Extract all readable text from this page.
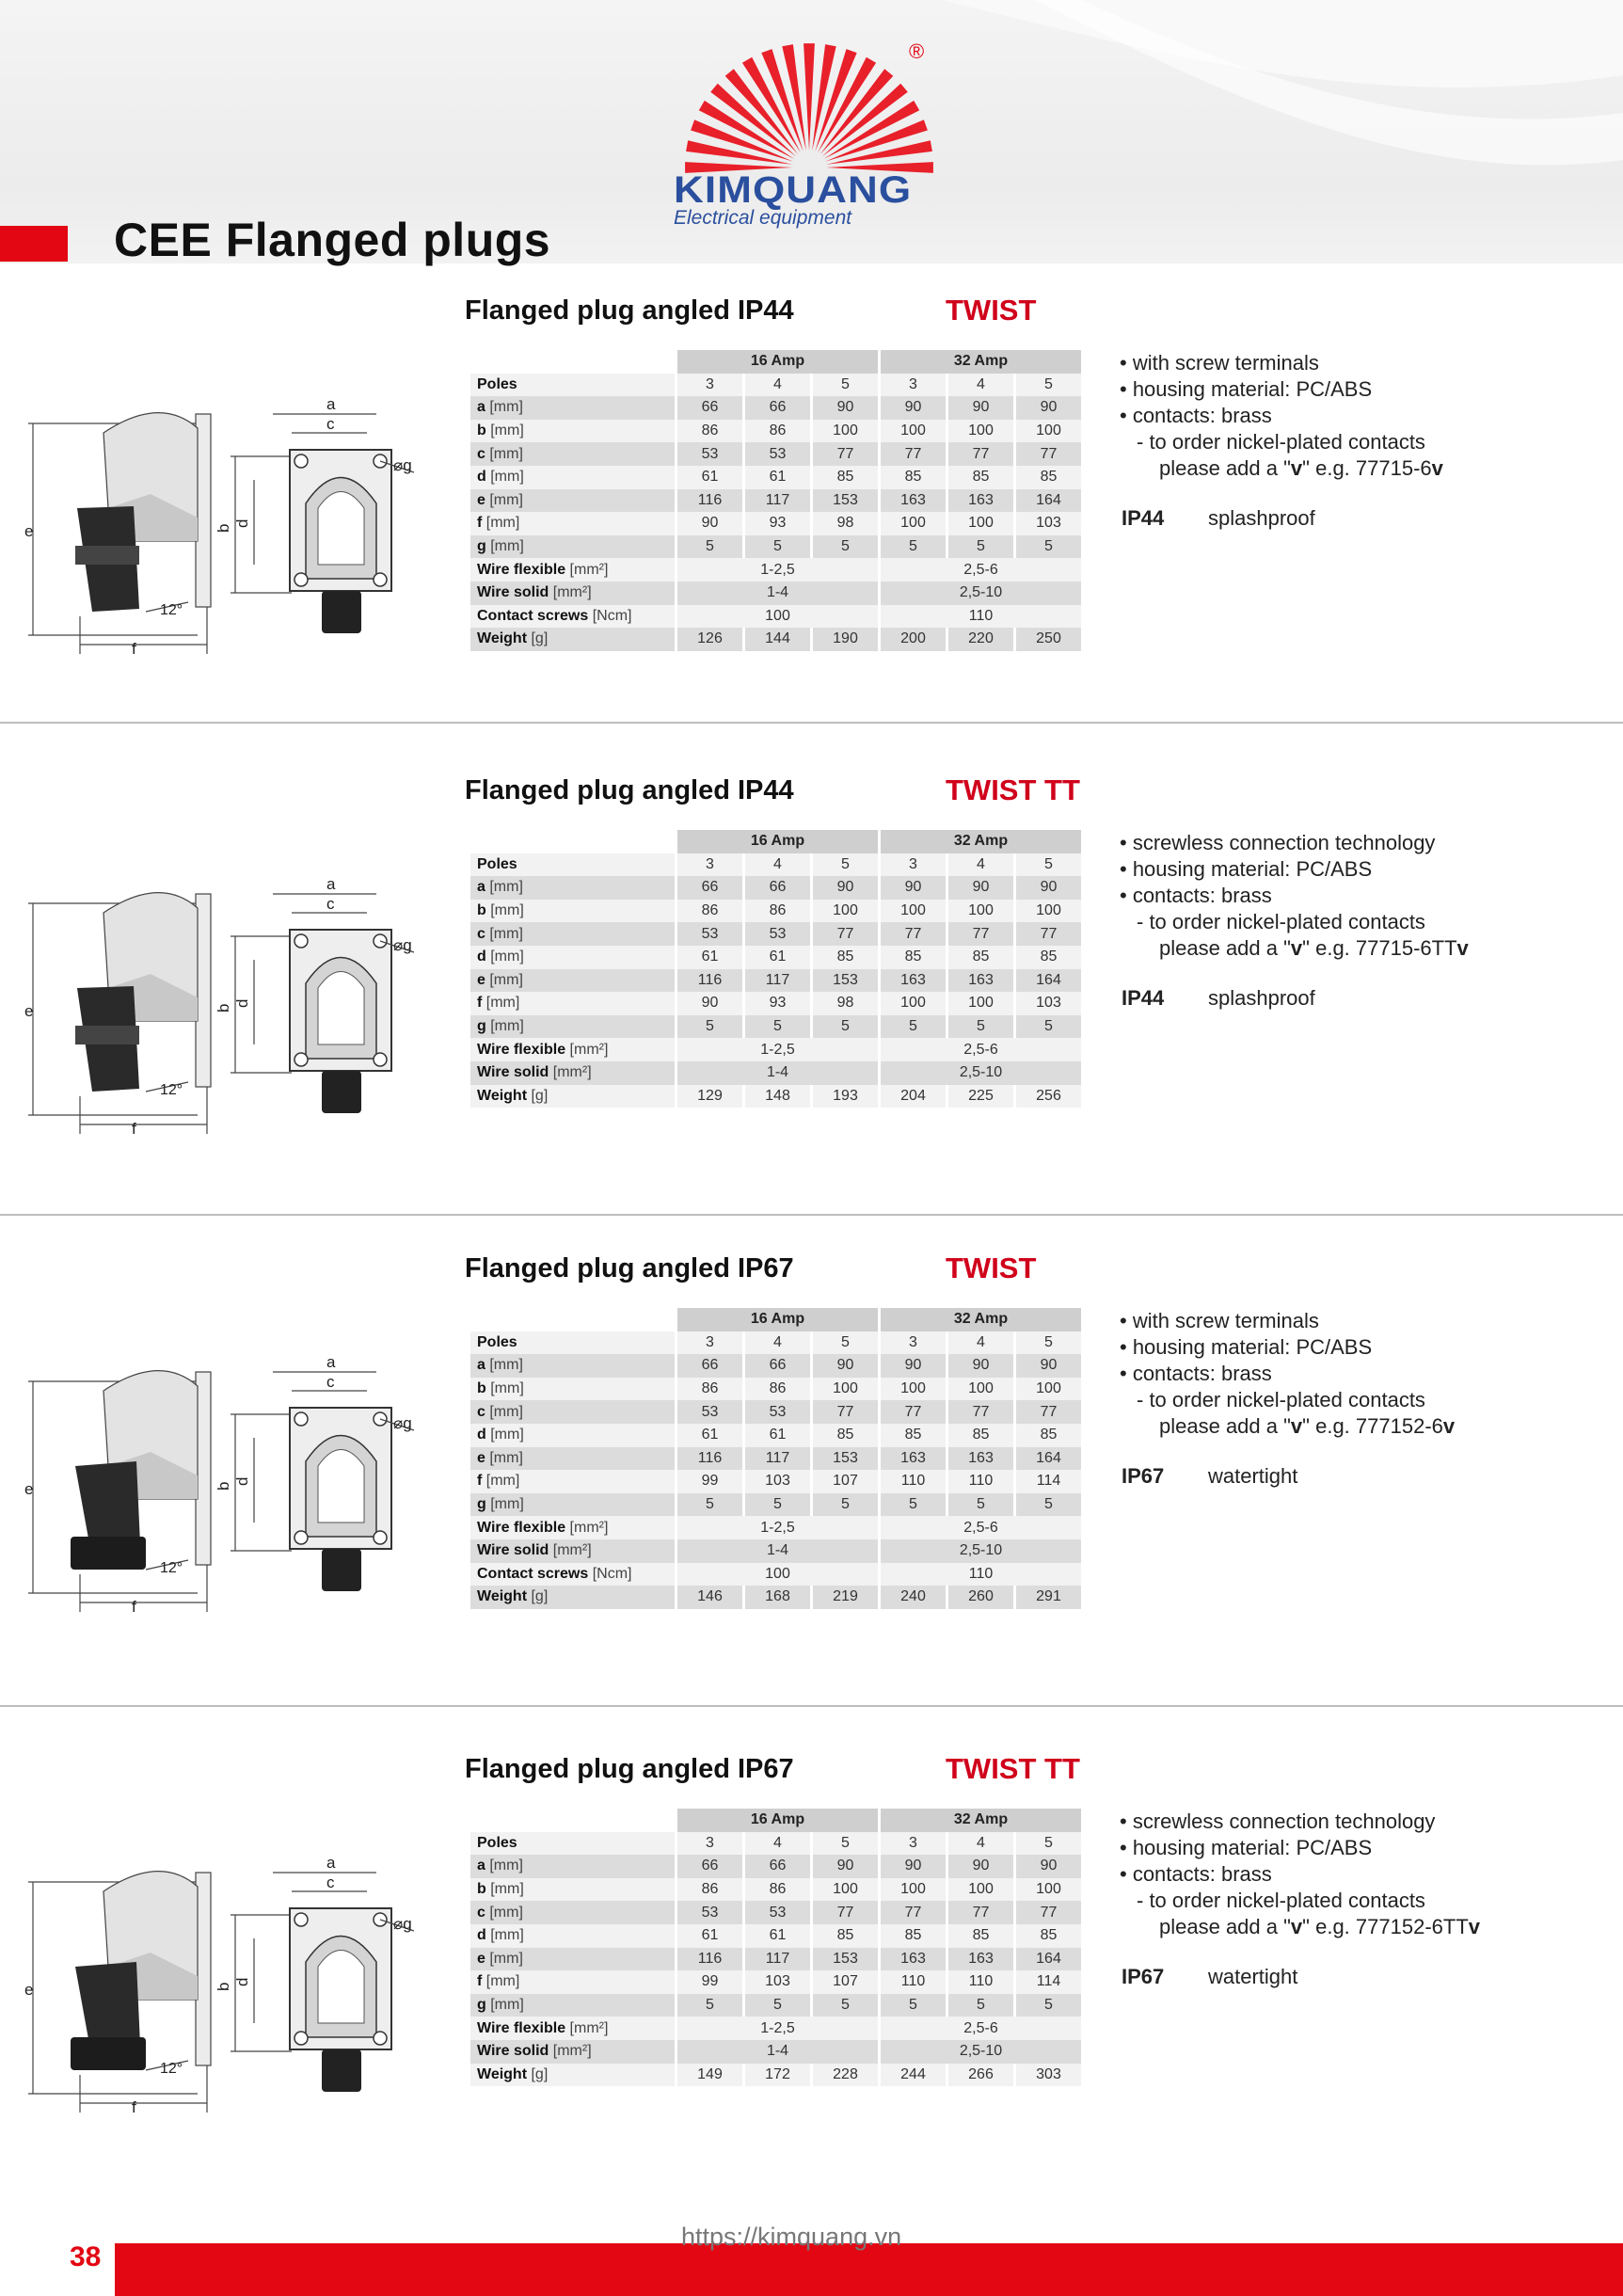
KIMQUANG
Electrical equipment
®
CEE Flanged plugs
Flanged plug angled IP44	TWIST
e
f
12°
a
c
b
d
⌀g
	16 Amp			32 Amp		
Poles	3	4	5	3	4	5
a [mm]	66	66	90	90	90	90
b [mm]	86	86	100	100	100	100
c [mm]	53	53	77	77	77	77
d [mm]	61	61	85	85	85	85
e [mm]	116	117	153	163	163	164
f [mm]	90	93	98	100	100	103
g [mm]	5	5	5	5	5	5
Wire flexible [mm²]	1-2,5			2,5-6		
Wire solid [mm²]	1-4			2,5-10		
Contact screws [Ncm]	100			110		
Weight [g]	126	144	190	200	220	250
• with screw terminals
• housing material: PC/ABS
• contacts: brass
- to order nickel-plated contacts
please add a "v" e.g. 77715-6v
IP44 splashproof
Flanged plug angled IP44	TWIST TT
e
f
12°
a
c
b
d
⌀g
	16 Amp			32 Amp		
Poles	3	4	5	3	4	5
a [mm]	66	66	90	90	90	90
b [mm]	86	86	100	100	100	100
c [mm]	53	53	77	77	77	77
d [mm]	61	61	85	85	85	85
e [mm]	116	117	153	163	163	164
f [mm]	90	93	98	100	100	103
g [mm]	5	5	5	5	5	5
Wire flexible [mm²]	1-2,5			2,5-6		
Wire solid [mm²]	1-4			2,5-10		
Weight [g]	129	148	193	204	225	256
• screwless connection technology
• housing material: PC/ABS
• contacts: brass
- to order nickel-plated contacts
please add a "v" e.g. 77715-6TTv
IP44 splashproof
Flanged plug angled IP67	TWIST
e
f
12°
a
c
b
d
⌀g
	16 Amp			32 Amp		
Poles	3	4	5	3	4	5
a [mm]	66	66	90	90	90	90
b [mm]	86	86	100	100	100	100
c [mm]	53	53	77	77	77	77
d [mm]	61	61	85	85	85	85
e [mm]	116	117	153	163	163	164
f [mm]	99	103	107	110	110	114
g [mm]	5	5	5	5	5	5
Wire flexible [mm²]	1-2,5			2,5-6		
Wire solid [mm²]	1-4			2,5-10		
Contact screws [Ncm]	100			110		
Weight [g]	146	168	219	240	260	291
• with screw terminals
• housing material: PC/ABS
• contacts: brass
- to order nickel-plated contacts
please add a "v" e.g. 777152-6v
IP67 watertight
Flanged plug angled IP67	TWIST TT
e
f
12°
a
c
b
d
⌀g
	16 Amp			32 Amp		
Poles	3	4	5	3	4	5
a [mm]	66	66	90	90	90	90
b [mm]	86	86	100	100	100	100
c [mm]	53	53	77	77	77	77
d [mm]	61	61	85	85	85	85
e [mm]	116	117	153	163	163	164
f [mm]	99	103	107	110	110	114
g [mm]	5	5	5	5	5	5
Wire flexible [mm²]	1-2,5			2,5-6		
Wire solid [mm²]	1-4			2,5-10		
Weight [g]	149	172	228	244	266	303
• screwless connection technology
• housing material: PC/ABS
• contacts: brass
- to order nickel-plated contacts
please add a "v" e.g. 777152-6TTv
IP67 watertight
38
https://kimquang.vn
